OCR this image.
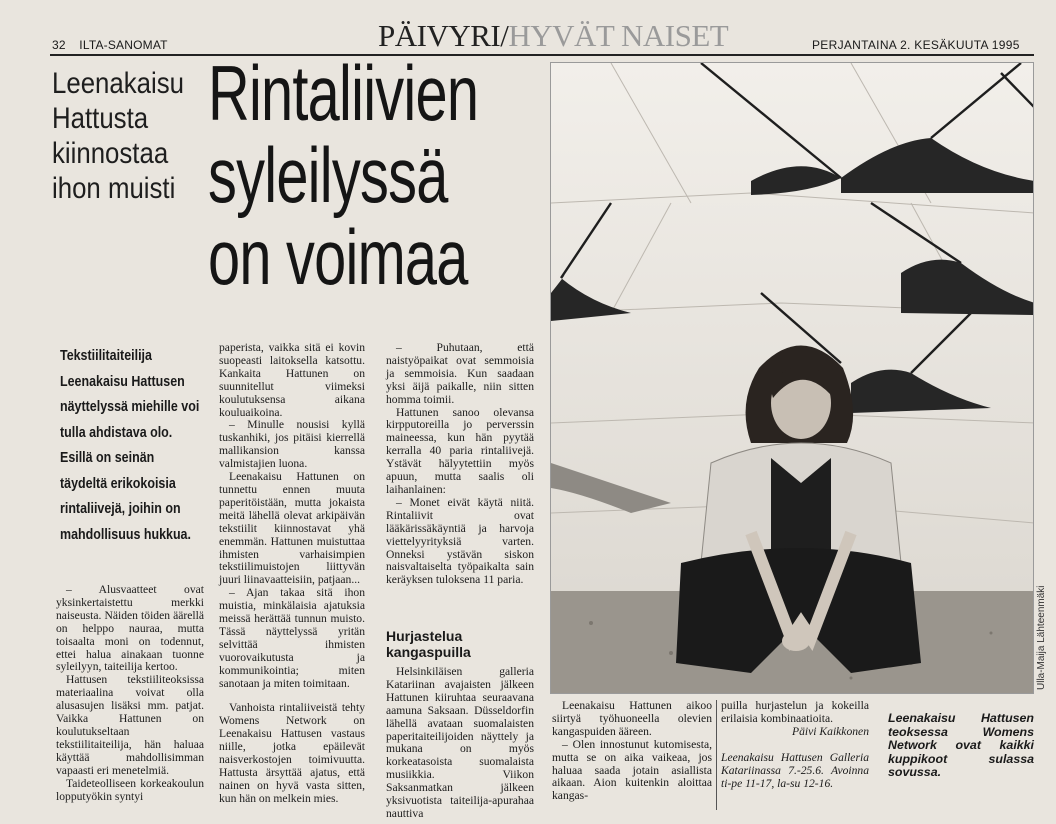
32 ILTA-SANOMAT	PÄIVYRI/HYVÄT NAISET	PERJANTAINA 2. KESÄKUUTA 1995
Leenakaisu
Hattusta
kiinnostaa
ihon muisti
Rintaliivien
syleilyssä
on voimaa
Tekstiilitaiteilija
Leenakaisu Hattusen
näyttelyssä miehille voi
tulla ahdistava olo.
Esillä on seinän
täydeltä erikokoisia
rintaliivejä, joihin on
mahdollisuus hukkua.

– Alusvaatteet ovat yksinkertaistettu merkki naiseusta. Näiden töiden äärellä on helppo nauraa, mutta toisaalta moni on todennut, ettei halua ainakaan tuonne syleilyyn, taiteilija kertoo.

Hattusen tekstiiliteoksissa materiaalina voivat olla alusasujen lisäksi mm. patjat. Vaikka Hattunen on koulutukseltaan tekstiilitaiteilija, hän haluaa käyttää mahdollisimman vapaasti eri menetelmiä.

Taideteolliseen korkeakoulun lopputyökin syntyi

paperista, vaikka sitä ei kovin suopeasti laitoksella katsottu. Kankaita Hattunen on suunnitellut viimeksi koulutuksensa aikana kouluaikoina.

– Minulle nousisi kyllä tuskanhiki, jos pitäisi kierrellä mallikansion kanssa valmistajien luona.

Leenakaisu Hattunen on tunnettu ennen muuta paperitöistään, mutta jokaista meitä lähellä olevat arkipäivän tekstiilit kiinnostavat yhä enemmän. Hattunen muistuttaa ihmisten varhaisimpien tekstiilimuistojen liittyvän juuri liinavaatteisiin, patjaan...

– Ajan takaa sitä ihon muistia, minkälaisia ajatuksia meissä herättää tunnun muisto. Tässä näyttelyssä yritän selvittää ihmisten vuorovaikutusta ja kommunikointia; miten sanotaan ja miten toimitaan.

Vanhoista rintaliiveistä tehty Womens Network on Leenakaisu Hattusen vastaus niille, jotka epäilevät naisverkostojen toimivuutta. Hattusta ärsyttää ajatus, että nainen on hyvä vasta sitten, kun hän on melkein mies.

– Puhutaan, että naistyöpaikat ovat semmoisia ja semmoisia. Kun saadaan yksi äijä paikalle, niin sitten homma toimii.

Hattunen sanoo olevansa kirpputoreilla jo perverssin maineessa, kun hän pyytää kerralla 40 paria rintaliivejä. Ystävät hälyytettiin myös apuun, mutta saalis oli laihanlainen:

– Monet eivät käytä niitä. Rintaliivit ovat lääkärissäkäyntiä ja harvoja viettelyyrityksiä varten. Onneksi ystävän siskon naisvaltaiselta työpaikalta sain keräyksen tuloksena 11 paria.

Hurjastelua kangaspuilla

Helsinkiläisen galleria Katariinan avajaisten jälkeen Hattunen kiiruhtaa seuraavana aamuna Saksaan. Düsseldorfin lähellä avataan suomalaisten paperitaiteilijoiden näyttely ja mukana on myös korkeatasoista suomalaista musiikkia. Viikon Saksanmatkan jälkeen yksivuotista taiteilija-apurahaa nauttiva

Ulla-Maija Lähteenmäki

Leenakaisu Hattunen aikoo siirtyä työhuoneella olevien kangaspuiden ääreen.

– Olen innostunut kutomisesta, mutta se on aika vaikeaa, jos haluaa saada jotain asiallista aikaan. Aion kuitenkin aloittaa kangas-

puilla hurjastelun ja kokeilla erilaisia kombinaatioita.

Päivi Kaikkonen

Leenakaisu Hattusen Galleria Katariinassa 7.-25.6. Avoinna ti-pe 11-17, la-su 12-16.

Leenakaisu Hattusen teoksessa Womens Network ovat kaikki kuppikoot sulassa sovussa.
